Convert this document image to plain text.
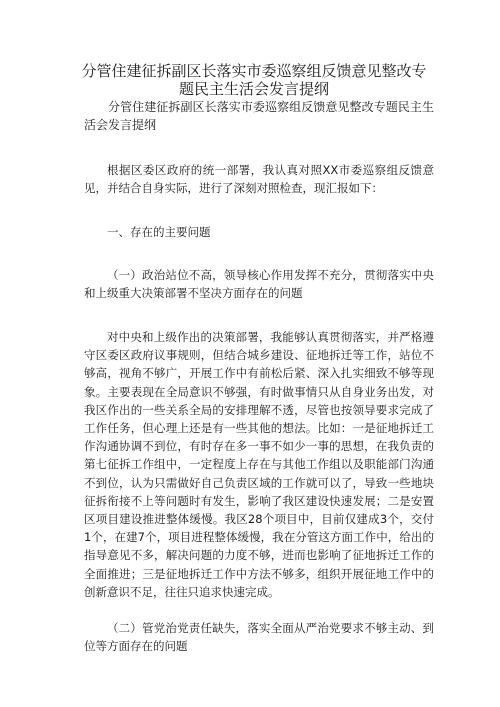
分管住建征拆副区长落实市委巡察组反馈意见整改专
题民主生活会发言提纲

分管住建征拆副区长落实市委巡察组反馈意见整改专题民主生活会发言提纲

根据区委区政府的统一部署，我认真对照XX市委巡察组反馈意见，并结合自身实际，进行了深刻对照检查，现汇报如下：

一、存在的主要问题

（一）政治站位不高，领导核心作用发挥不充分，贯彻落实中央和上级重大决策部署不坚决方面存在的问题

对中央和上级作出的决策部署，我能够认真贯彻落实，并严格遵守区委区政府议事规则，但结合城乡建设、征地拆迁等工作，站位不够高，视角不够广，开展工作中有前松后紧、深入扎实细致不够等现象。主要表现在全局意识不够强，有时做事情只从自身业务出发，对我区作出的一些关系全局的安排理解不透，尽管也按领导要求完成了工作任务，但心理上还是有一些其他的想法。比如：一是征地拆迁工作沟通协调不到位，有时存在多一事不如少一事的思想，在我负责的第七征拆工作组中，一定程度上存在与其他工作组以及职能部门沟通不到位，认为只需做好自己负责区域的工作就可以了，导致一些地块征拆衔接不上等问题时有发生，影响了我区建设快速发展；二是安置区项目建设推进整体缓慢。我区28个项目中，目前仅建成3个，交付1个，在建7个，项目进程整体缓慢，我在分管这方面工作中，给出的指导意见不多，解决问题的力度不够，进而也影响了征地拆迁工作的全面推进；三是征地拆迁工作中方法不够多，组织开展征地工作中的创新意识不足，往往只追求快速完成。

（二）管党治党责任缺失，落实全面从严治党要求不够主动、到位等方面存在的问题
